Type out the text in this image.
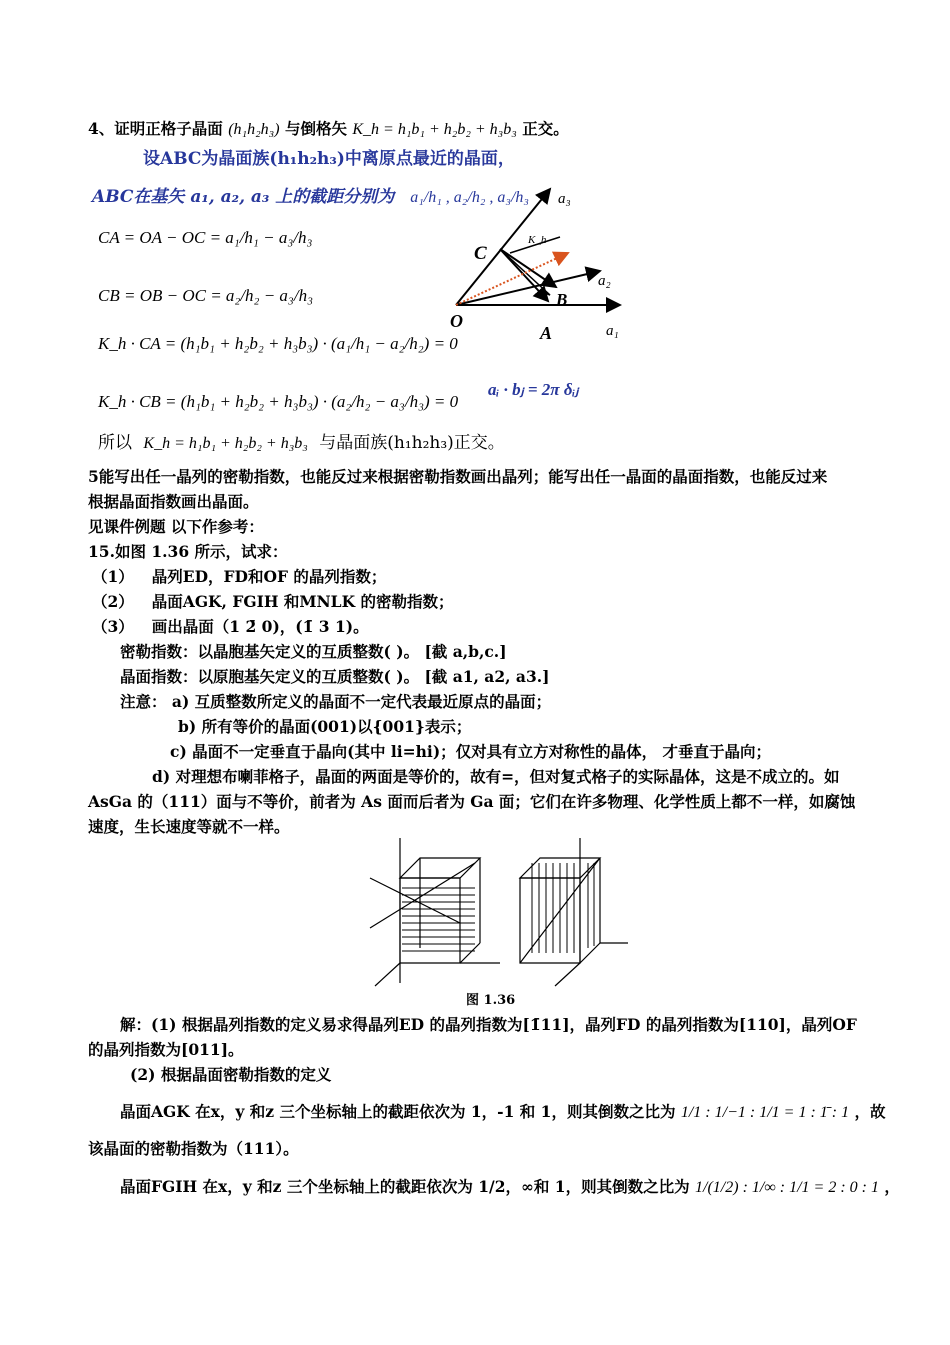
4、证明正格子晶面 (h₁h₂h₃) 与倒格矢 K_h = h₁b₁ + h₂b₂ + h₃b₃ 正交。
设ABC为晶面族(h₁h₂h₃)中离原点最近的晶面，
ABC在基矢 a₁, a₂, a₃ 上的截距分别为 a₁/h₁ , a₂/h₂ , a₃/h₃
CA = OA − OC = a₁/h₁ − a₃/h₃
CB = OB − OC = a₂/h₂ − a₃/h₃
K_h · CA = (h₁b₁ + h₂b₂ + h₃b₃) · (a₁/h₁ − a₂/h₂) = 0
K_h · CB = (h₁b₁ + h₂b₂ + h₃b₃) · (a₂/h₂ − a₃/h₃) = 0
aᵢ · bⱼ = 2π δᵢⱼ
所以 K_h = h₁b₁ + h₂b₂ + h₃b₃ 与晶面族(h₁h₂h₃)正交。
a₃
a₂
a₁
K_h
C
B
A
O
5能写出任一晶列的密勒指数，也能反过来根据密勒指数画出晶列；能写出任一晶面的晶面指数，也能反过来
根据晶面指数画出晶面。
见课件例题 以下作参考：
15.如图 1.36 所示，试求：
（1） 晶列ED，FD和OF 的晶列指数；
（2） 晶面AGK, FGIH 和MNLK 的密勒指数；
（3） 画出晶面（1 2̄ 0)，(1̄ 3 1)。
密勒指数：以晶胞基矢定义的互质整数( )。 [截 a,b,c.]
晶面指数：以原胞基矢定义的互质整数( )。 [截 a1, a2, a3.]
注意： a) 互质整数所定义的晶面不一定代表最近原点的晶面；
b) 所有等价的晶面(001)以{001}表示；
c) 晶面不一定垂直于晶向(其中 li=hi)；仅对具有立方对称性的晶体， 才垂直于晶向；
d) 对理想布喇菲格子，晶面的两面是等价的，故有=，但对复式格子的实际晶体，这是不成立的。如
AsGa 的（111）面与不等价，前者为 As 面而后者为 Ga 面；它们在许多物理、化学性质上都不一样，如腐蚀
速度，生长速度等就不一样。
图 1.36
解：(1) 根据晶列指数的定义易求得晶列ED 的晶列指数为[1̄11]，晶列FD 的晶列指数为[110]，晶列OF
的晶列指数为[011]。
(2) 根据晶面密勒指数的定义
晶面AGK 在x，y 和z 三个坐标轴上的截距依次为 1，-1 和 1，则其倒数之比为 1/1 : 1/−1 : 1/1 = 1 : 1̄ : 1 ，故
该晶面的密勒指数为（111）。
晶面FGIH 在x，y 和z 三个坐标轴上的截距依次为 1/2，∞和 1，则其倒数之比为 1/(1/2) : 1/∞ : 1/1 = 2 : 0 : 1 ，
